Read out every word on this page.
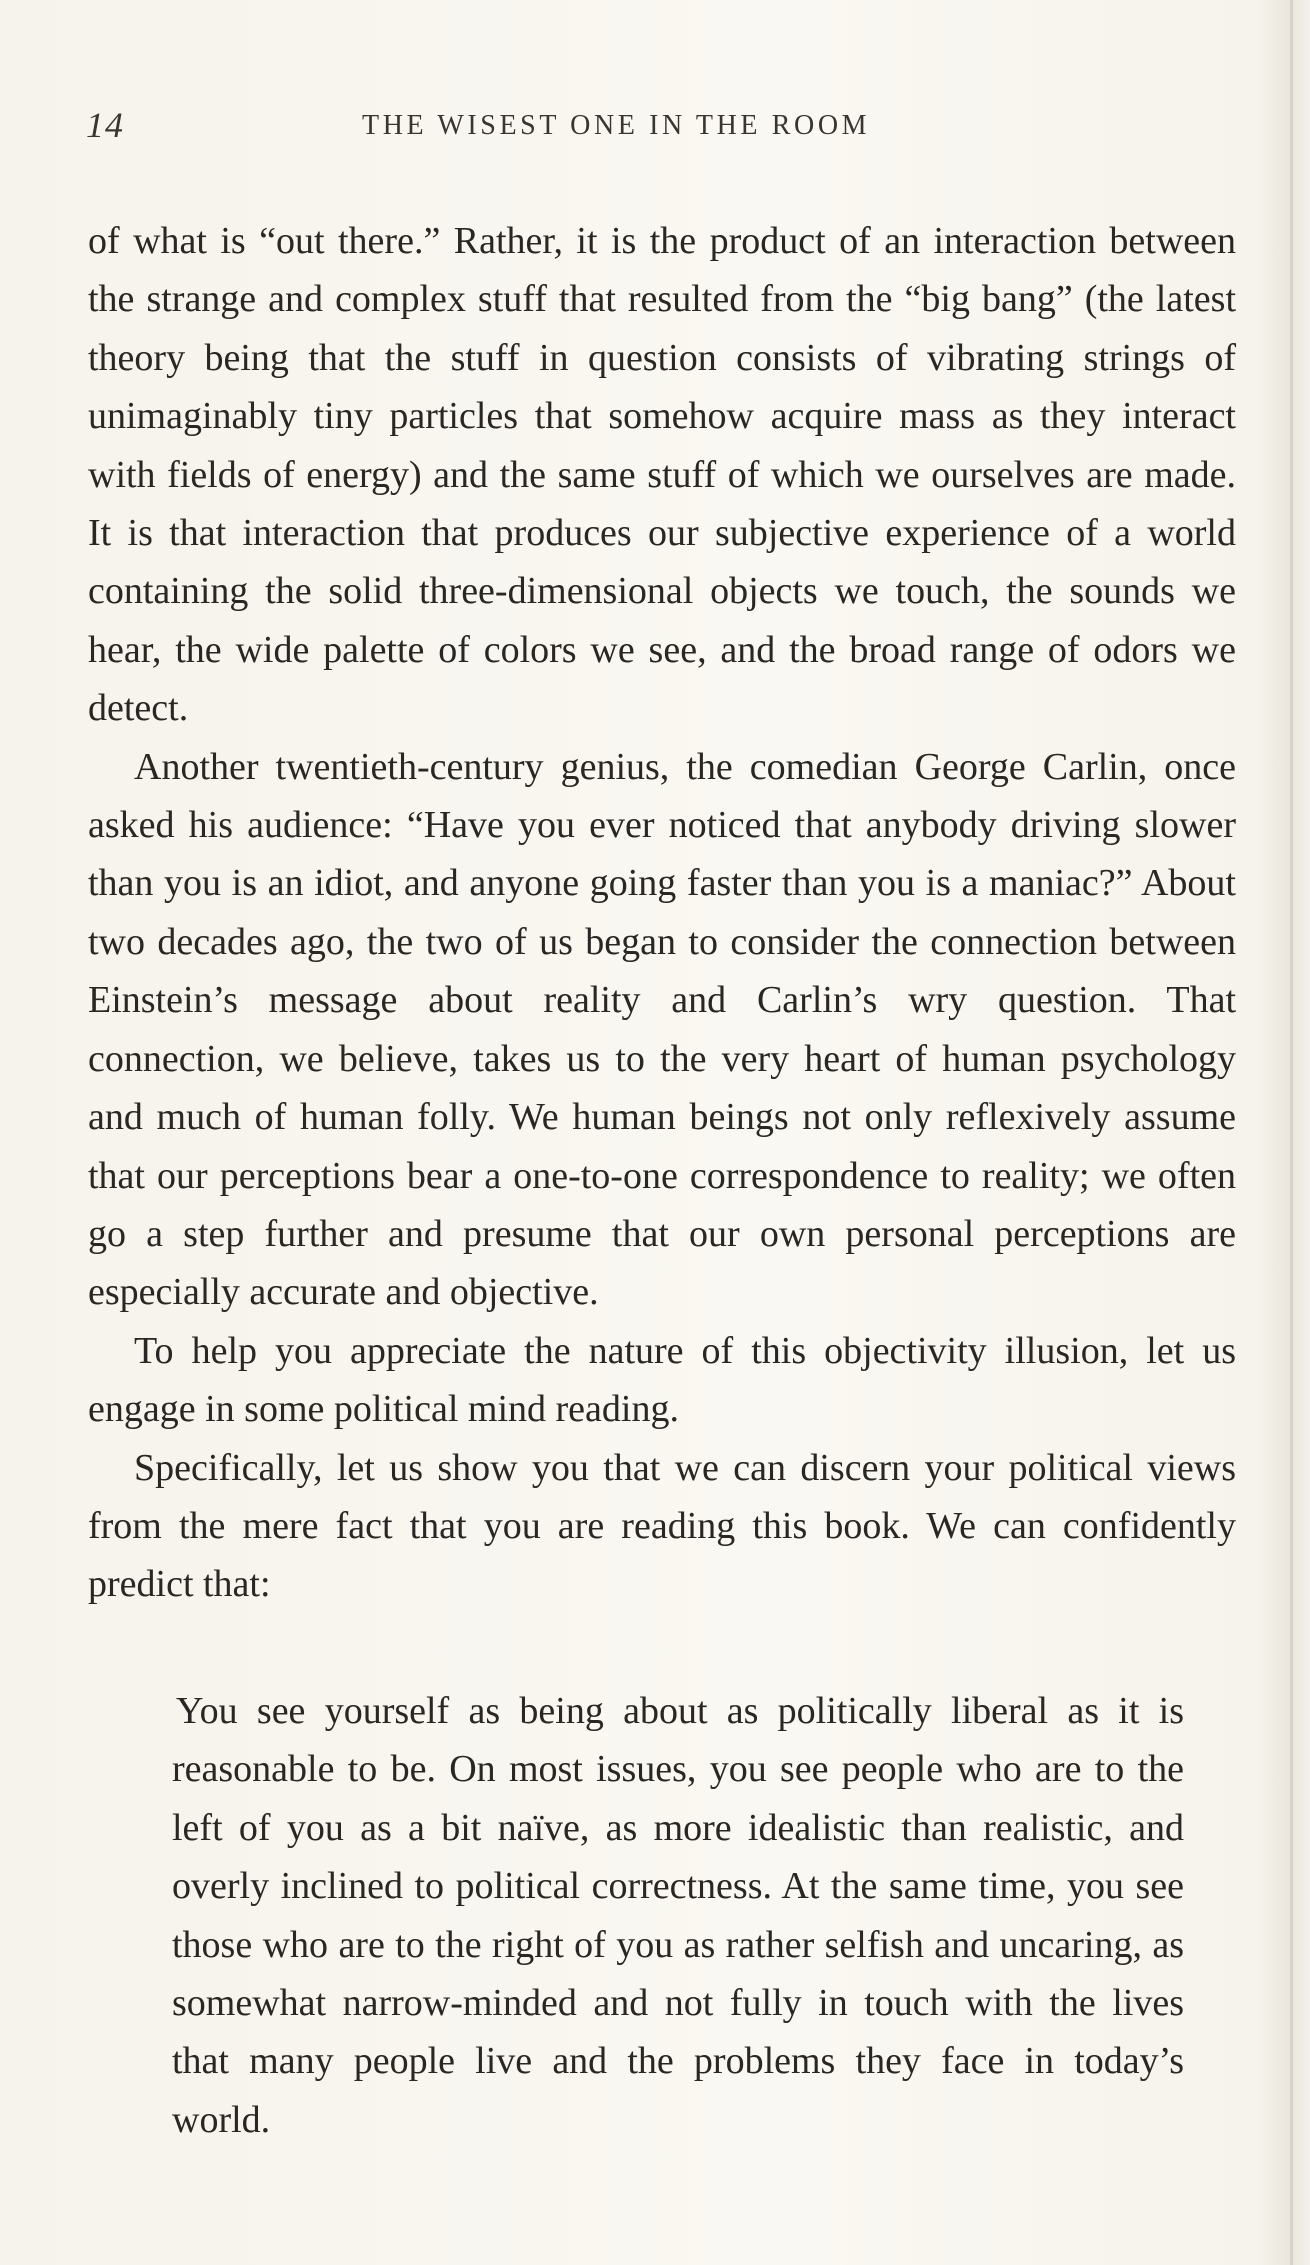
14	THE WISEST ONE IN THE ROOM

of what is “out there.” Rather, it is the product of an interaction between the strange and complex stuff that resulted from the “big bang” (the latest theory being that the stuff in question consists of vibrating strings of unimaginably tiny particles that somehow acquire mass as they interact with fields of energy) and the same stuff of which we ourselves are made. It is that interaction that produces our subjective experience of a world containing the solid three-dimensional objects we touch, the sounds we hear, the wide palette of colors we see, and the broad range of odors we detect.

Another twentieth-century genius, the comedian George Carlin, once asked his audience: “Have you ever noticed that anybody driving slower than you is an idiot, and anyone going faster than you is a maniac?” About two decades ago, the two of us began to consider the connection between Einstein’s message about reality and Carlin’s wry question. That connection, we believe, takes us to the very heart of human psychology and much of human folly. We human beings not only reflexively assume that our perceptions bear a one-to-one correspondence to reality; we often go a step further and presume that our own personal perceptions are especially accurate and objective.

To help you appreciate the nature of this objectivity illusion, let us engage in some political mind reading.

Specifically, let us show you that we can discern your political views from the mere fact that you are reading this book. We can confidently predict that:

You see yourself as being about as politically liberal as it is reasonable to be. On most issues, you see people who are to the left of you as a bit naïve, as more idealistic than realistic, and overly inclined to political correctness. At the same time, you see those who are to the right of you as rather selfish and uncaring, as somewhat narrow-minded and not fully in touch with the lives that many people live and the problems they face in today’s world.
